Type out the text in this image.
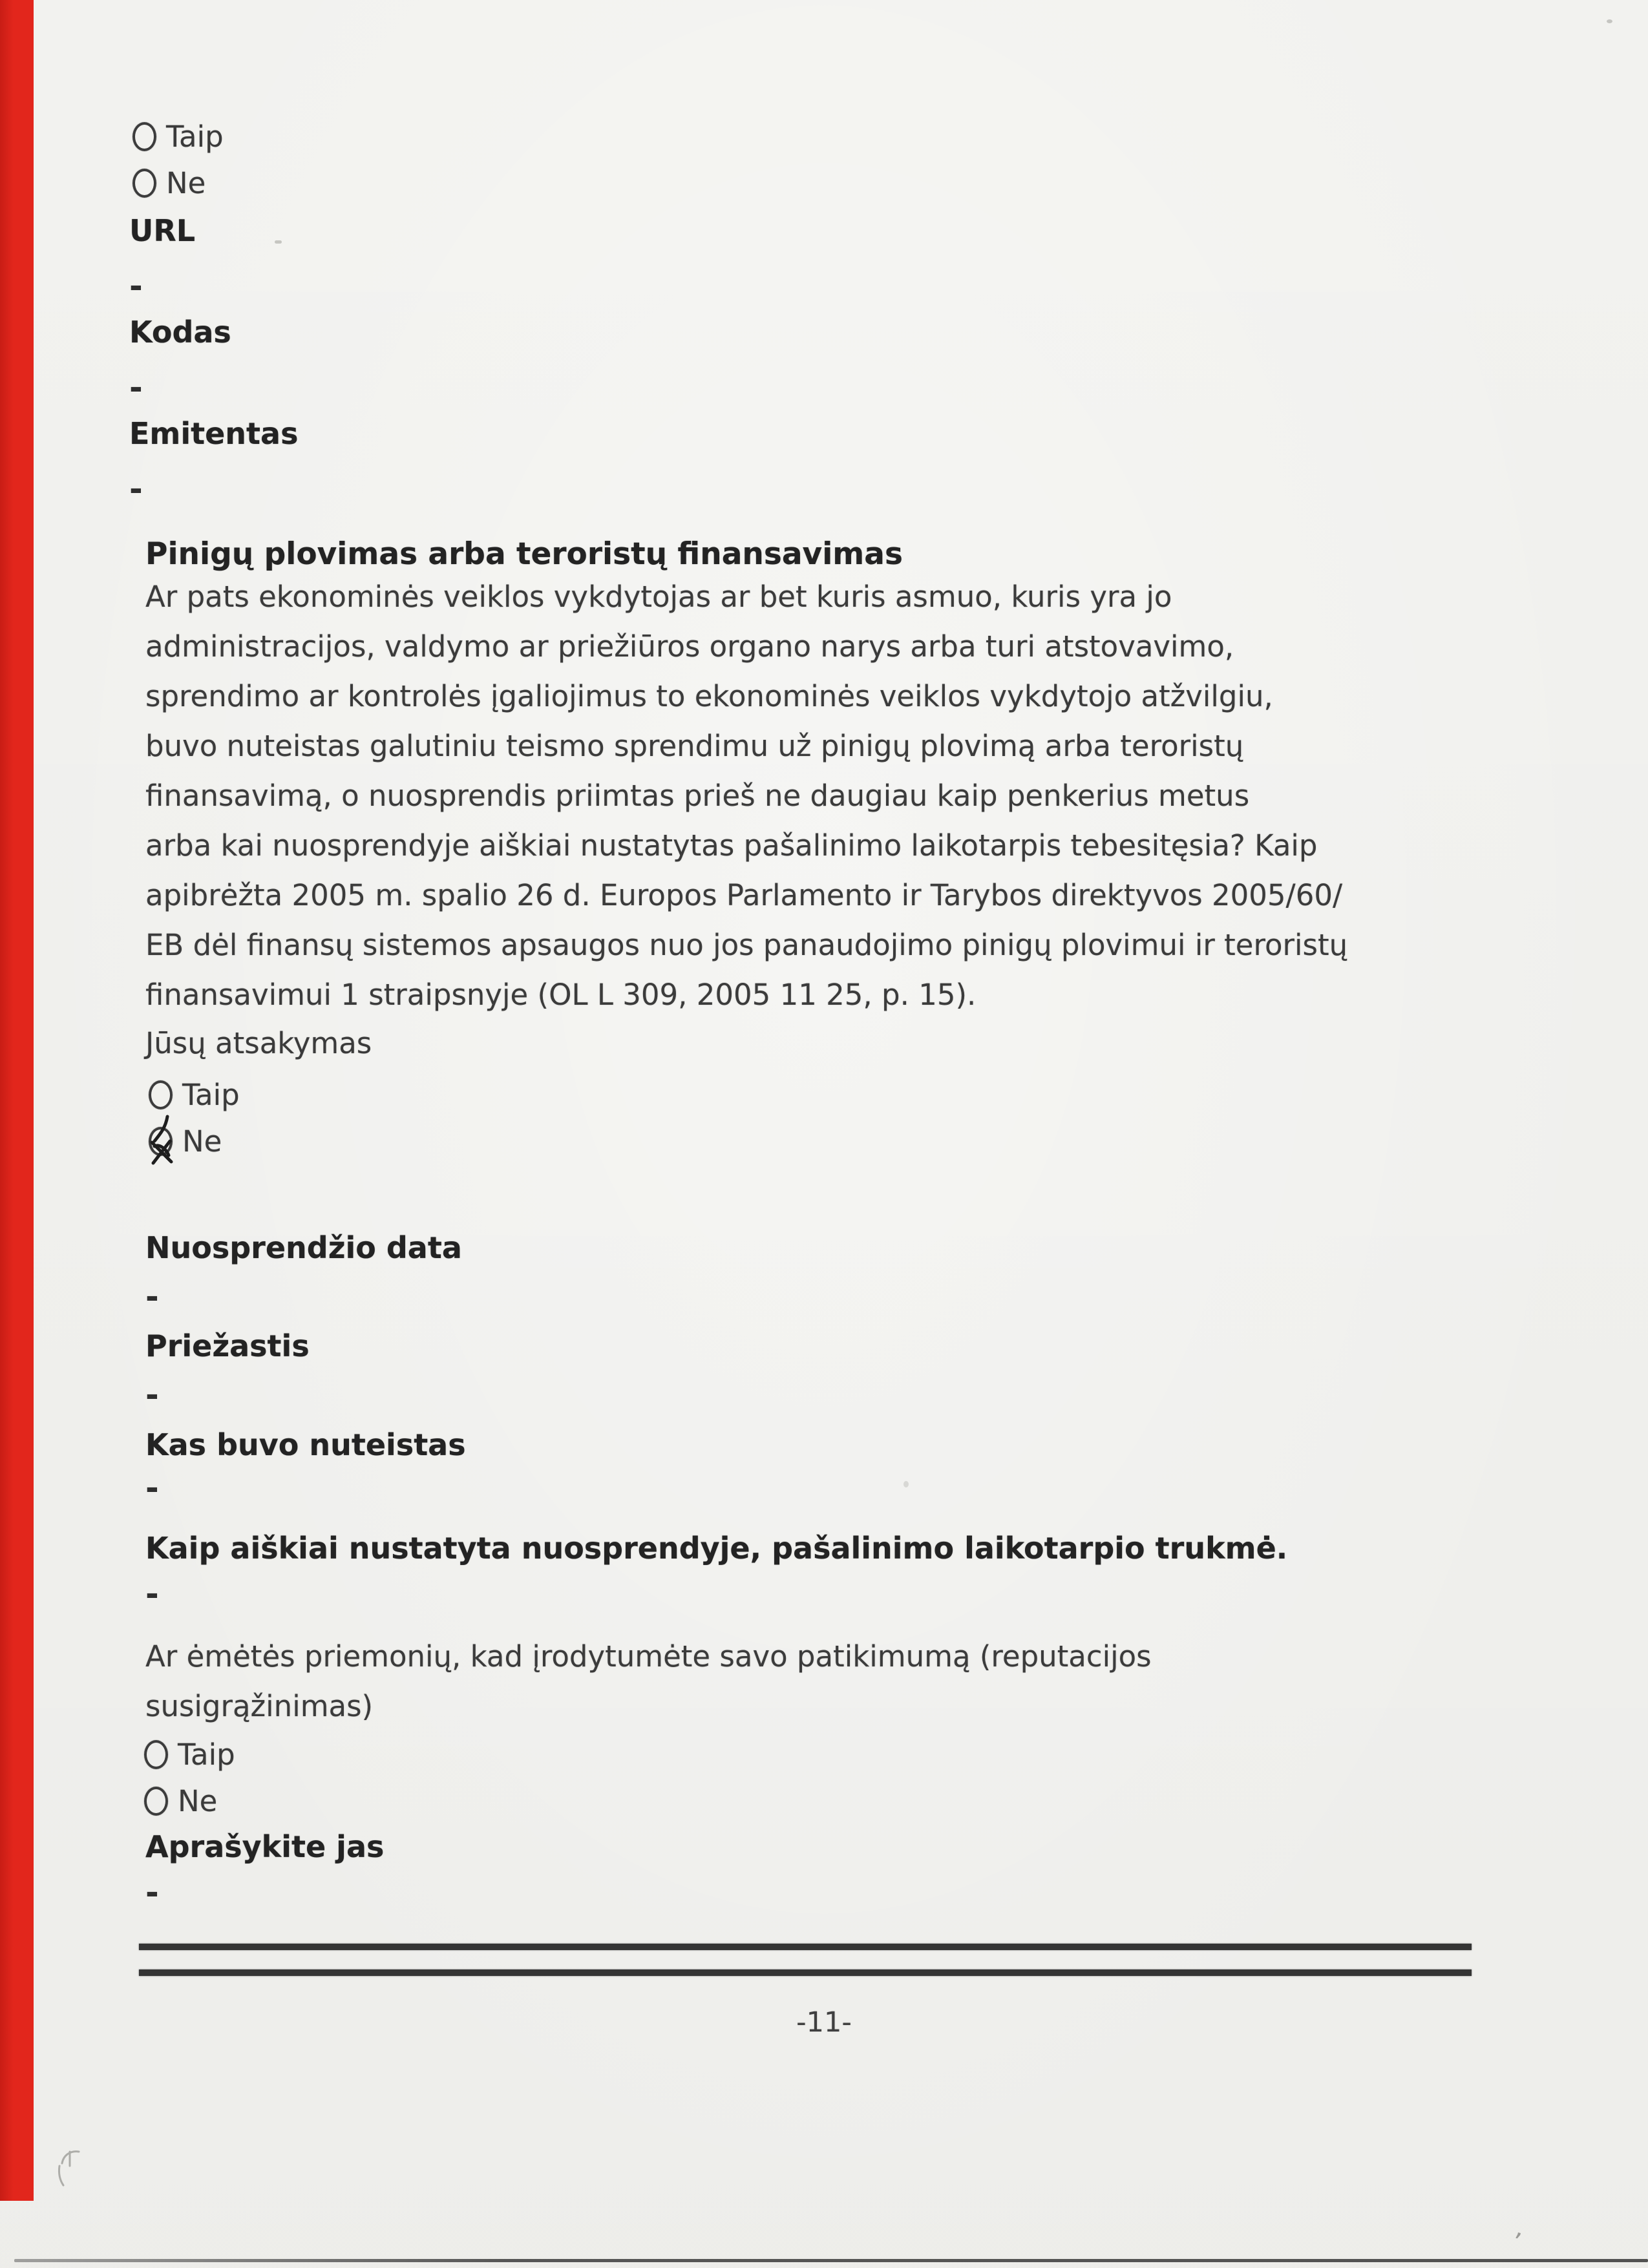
Taip
Ne
URL
-
Kodas
-
Emitentas
-
Pinigų plovimas arba teroristų finansavimas
Ar pats ekonominės veiklos vykdytojas ar bet kuris asmuo, kuris yra jo
administracijos, valdymo ar priežiūros organo narys arba turi atstovavimo,
sprendimo ar kontrolės įgaliojimus to ekonominės veiklos vykdytojo atžvilgiu,
buvo nuteistas galutiniu teismo sprendimu už pinigų plovimą arba teroristų
finansavimą, o nuosprendis priimtas prieš ne daugiau kaip penkerius metus
arba kai nuosprendyje aiškiai nustatytas pašalinimo laikotarpis tebesitęsia? Kaip
apibrėžta 2005 m. spalio 26 d. Europos Parlamento ir Tarybos direktyvos 2005/60/
EB dėl finansų sistemos apsaugos nuo jos panaudojimo pinigų plovimui ir teroristų
finansavimui 1 straipsnyje (OL L 309, 2005 11 25, p. 15).
Jūsų atsakymas
Taip
Ne
Nuosprendžio data
-
Priežastis
-
Kas buvo nuteistas
-
Kaip aiškiai nustatyta nuosprendyje, pašalinimo laikotarpio trukmė.
-
Ar ėmėtės priemonių, kad įrodytumėte savo patikimumą (reputacijos
susigrąžinimas)
Taip
Ne
Aprašykite jas
-
-11-
’
